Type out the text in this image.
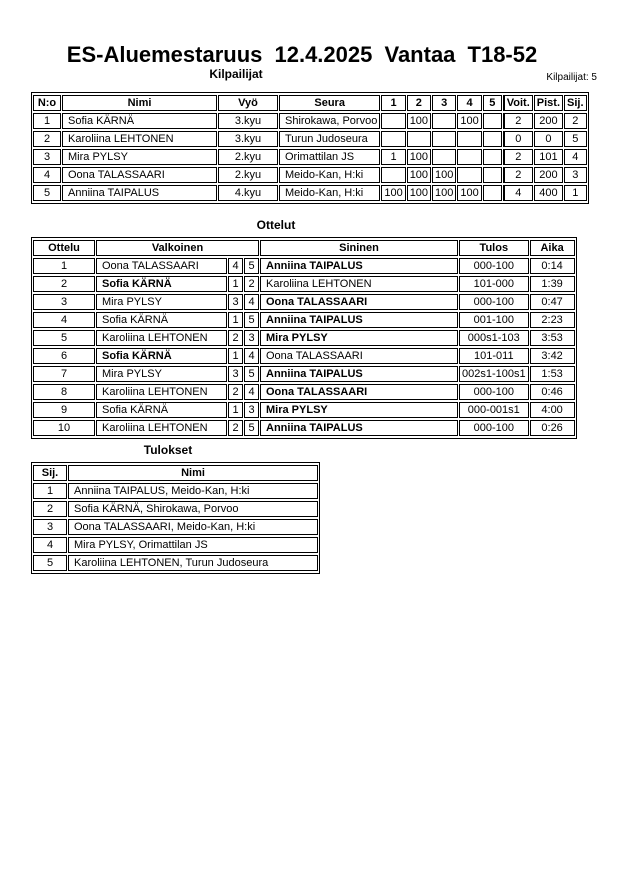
ES-Aluemestaruus 12.4.2025 Vantaa T18-52
Kilpailijat	Kilpailijat: 5
N:o	Nimi	Vyö	Seura	1	2	3	4	5	Voit.	Pist.	Sij.
1	Sofia KÄRNÄ	3.kyu	Shirokawa, Porvoo		100		100		2	200	2
2	Karoliina LEHTONEN	3.kyu	Turun Judoseura						0	0	5
3	Mira PYLSY	2.kyu	Orimattilan JS	1	100				2	101	4
4	Oona TALASSAARI	2.kyu	Meido-Kan, H:ki		100	100			2	200	3
5	Anniina TAIPALUS	4.kyu	Meido-Kan, H:ki	100	100	100	100		4	400	1
Ottelut
Ottelu	Valkoinen			Sininen	Tulos	Aika
1	Oona TALASSAARI	4	5	Anniina TAIPALUS	000-100	0:14
2	Sofia KÄRNÄ	1	2	Karoliina LEHTONEN	101-000	1:39
3	Mira PYLSY	3	4	Oona TALASSAARI	000-100	0:47
4	Sofia KÄRNÄ	1	5	Anniina TAIPALUS	001-100	2:23
5	Karoliina LEHTONEN	2	3	Mira PYLSY	000s1-103	3:53
6	Sofia KÄRNÄ	1	4	Oona TALASSAARI	101-011	3:42
7	Mira PYLSY	3	5	Anniina TAIPALUS	002s1-100s1	1:53
8	Karoliina LEHTONEN	2	4	Oona TALASSAARI	000-100	0:46
9	Sofia KÄRNÄ	1	3	Mira PYLSY	000-001s1	4:00
10	Karoliina LEHTONEN	2	5	Anniina TAIPALUS	000-100	0:26
Tulokset
Sij.	Nimi
1	Anniina TAIPALUS, Meido-Kan, H:ki
2	Sofia KÄRNÄ, Shirokawa, Porvoo
3	Oona TALASSAARI, Meido-Kan, H:ki
4	Mira PYLSY, Orimattilan JS
5	Karoliina LEHTONEN, Turun Judoseura
